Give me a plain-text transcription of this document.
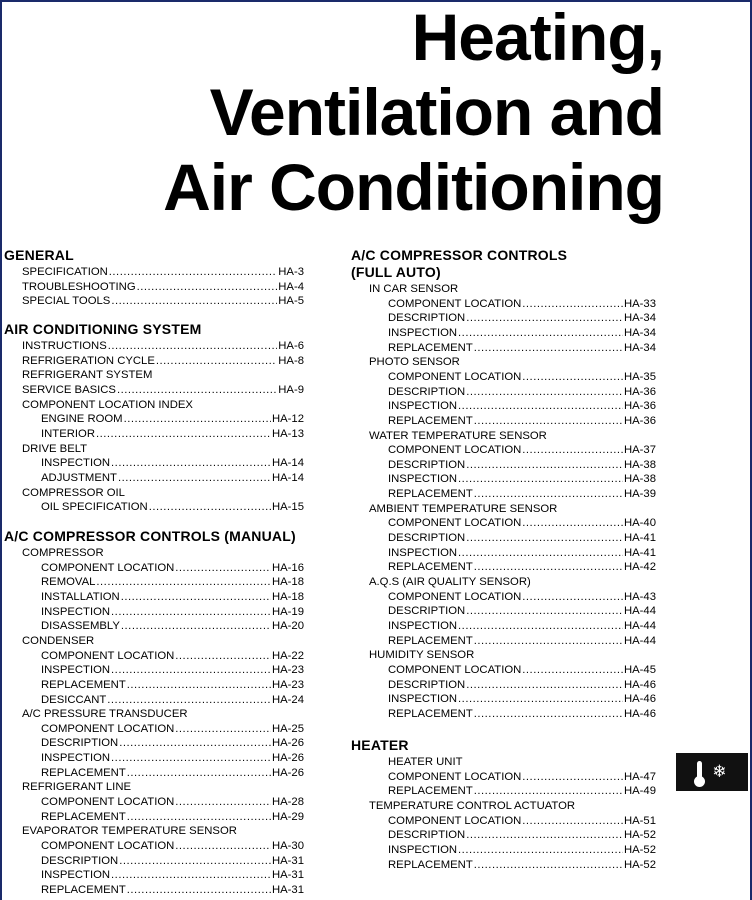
Heating,
Ventilation and
Air Conditioning
GENERAL
SPECIFICATION .....	HA-3
TROUBLESHOOTING .....	HA-4
SPECIAL TOOLS .....	HA-5
AIR CONDITIONING SYSTEM
INSTRUCTIONS .....	HA-6
REFRIGERATION CYCLE .....	HA-8
REFRIGERANT SYSTEM
SERVICE BASICS .....	HA-9
COMPONENT LOCATION INDEX
ENGINE ROOM .....	HA-12
INTERIOR .....	HA-13
DRIVE BELT
INSPECTION .....	HA-14
ADJUSTMENT .....	HA-14
COMPRESSOR OIL
OIL SPECIFICATION .....	HA-15
A/C COMPRESSOR CONTROLS (MANUAL)
COMPRESSOR
COMPONENT LOCATION .....	HA-16
REMOVAL .....	HA-18
INSTALLATION .....	HA-18
INSPECTION .....	HA-19
DISASSEMBLY .....	HA-20
CONDENSER
COMPONENT LOCATION .....	HA-22
INSPECTION .....	HA-23
REPLACEMENT .....	HA-23
DESICCANT .....	HA-24
A/C PRESSURE TRANSDUCER
COMPONENT LOCATION .....	HA-25
DESCRIPTION .....	HA-26
INSPECTION .....	HA-26
REPLACEMENT .....	HA-26
REFRIGERANT LINE
COMPONENT LOCATION .....	HA-28
REPLACEMENT .....	HA-29
EVAPORATOR TEMPERATURE SENSOR
COMPONENT LOCATION .....	HA-30
DESCRIPTION .....	HA-31
INSPECTION .....	HA-31
REPLACEMENT .....	HA-31
A/C COMPRESSOR CONTROLS
(FULL AUTO)
IN CAR SENSOR
COMPONENT LOCATION .....	HA-33
DESCRIPTION .....	HA-34
INSPECTION .....	HA-34
REPLACEMENT .....	HA-34
PHOTO SENSOR
COMPONENT LOCATION .....	HA-35
DESCRIPTION .....	HA-36
INSPECTION .....	HA-36
REPLACEMENT .....	HA-36
WATER TEMPERATURE SENSOR
COMPONENT LOCATION .....	HA-37
DESCRIPTION .....	HA-38
INSPECTION .....	HA-38
REPLACEMENT .....	HA-39
AMBIENT TEMPERATURE SENSOR
COMPONENT LOCATION .....	HA-40
DESCRIPTION .....	HA-41
INSPECTION .....	HA-41
REPLACEMENT .....	HA-42
A.Q.S (AIR QUALITY SENSOR)
COMPONENT LOCATION .....	HA-43
DESCRIPTION .....	HA-44
INSPECTION .....	HA-44
REPLACEMENT .....	HA-44
HUMIDITY SENSOR
COMPONENT LOCATION .....	HA-45
DESCRIPTION .....	HA-46
INSPECTION .....	HA-46
REPLACEMENT .....	HA-46
HEATER
HEATER UNIT
COMPONENT LOCATION .....	HA-47
REPLACEMENT .....	HA-49
TEMPERATURE CONTROL ACTUATOR
COMPONENT LOCATION .....	HA-51
DESCRIPTION .....	HA-52
INSPECTION .....	HA-52
REPLACEMENT .....	HA-52
❄
